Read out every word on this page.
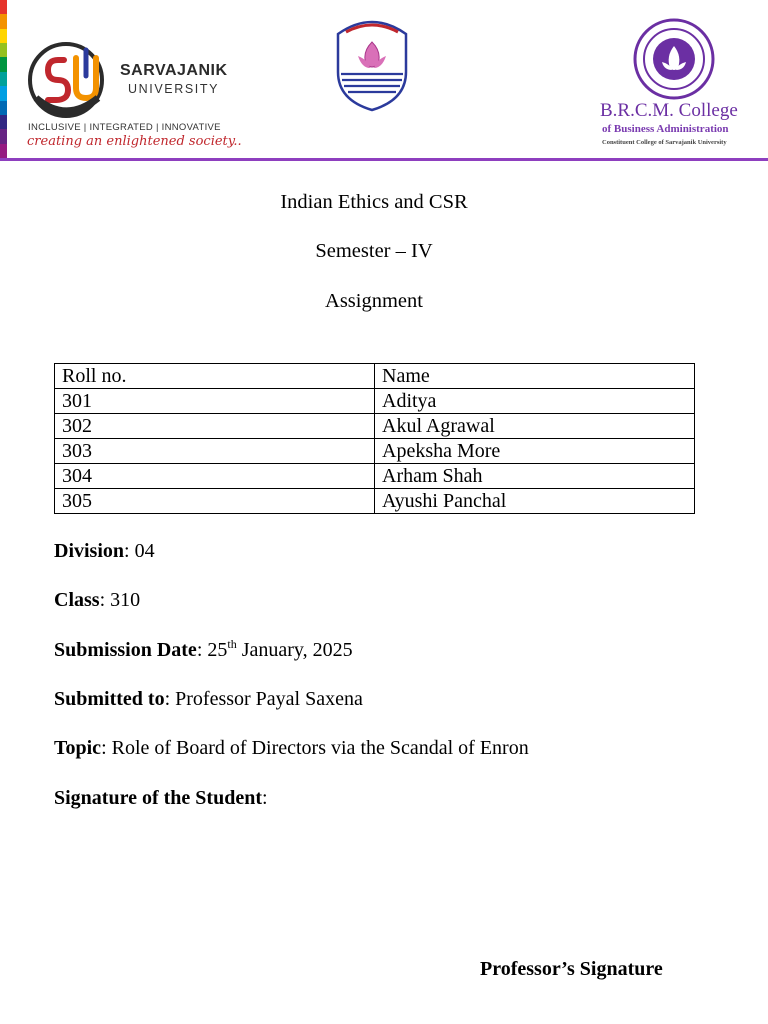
SARVAJANIK
UNIVERSITY
INCLUSIVE | INTEGRATED | INNOVATIVE
creating an enlightened society..
B.R.C.M. College
of Business Administration
Constituent College of Sarvajanik University
Indian Ethics and CSR
Semester – IV
Assignment
Roll no.	Name
301	Aditya
302	Akul Agrawal
303	Apeksha More
304	Arham Shah
305	Ayushi Panchal
Division: 04
Class: 310
Submission Date: 25th January, 2025
Submitted to: Professor Payal Saxena
Topic: Role of Board of Directors via the Scandal of Enron
Signature of the Student:
Professor’s Signature
